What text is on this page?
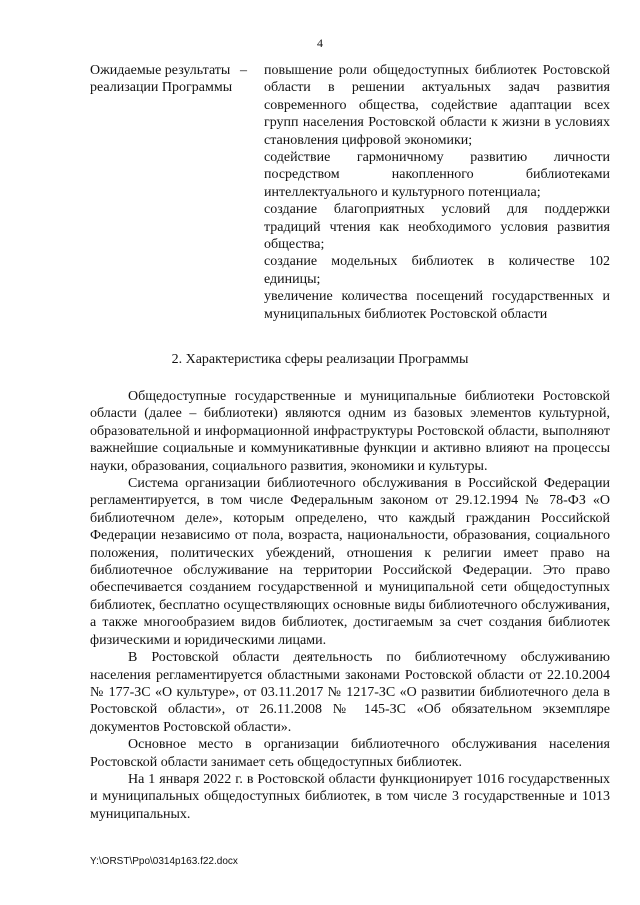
4
Ожидаемые результаты реализации Программы
–	повышение роли общедоступных библиотек Ростовской области в решении актуальных задач развития современного общества, содействие адаптации всех групп населения Ростовской области к жизни в условиях становления цифровой экономики;

содействие гармоничному развитию личности посредством накопленного библиотеками интеллектуального и культурного потенциала;

создание благоприятных условий для поддержки традиций чтения как необходимого условия развития общества;

создание модельных библиотек в количестве 102 единицы;

увеличение количества посещений государственных и муниципальных библиотек Ростовской области

2. Характеристика сферы реализации Программы

Общедоступные государственные и муниципальные библиотеки Ростовской области (далее – библиотеки) являются одним из базовых элементов культурной, образовательной и информационной инфраструктуры Ростовской области, выполняют важнейшие социальные и коммуникативные функции и активно влияют на процессы науки, образования, социального развития, экономики и культуры.

Система организации библиотечного обслуживания в Российской Федерации регламентируется, в том числе Федеральным законом от 29.12.1994 № 78-ФЗ «О библиотечном деле», которым определено, что каждый гражданин Российской Федерации независимо от пола, возраста, национальности, образования, социального положения, политических убеждений, отношения к религии имеет право на библиотечное обслуживание на территории Российской Федерации. Это право обеспечивается созданием государственной и муниципальной сети общедоступных библиотек, бесплатно осуществляющих основные виды библиотечного обслуживания, а также многообразием видов библиотек, достигаемым за счет создания библиотек физическими и юридическими лицами.

В Ростовской области деятельность по библиотечному обслуживанию населения регламентируется областными законами Ростовской области от 22.10.2004 № 177-ЗС «О культуре», от 03.11.2017 № 1217-ЗС «О развитии библиотечного дела в Ростовской области», от 26.11.2008 № 145-ЗС «Об обязательном экземпляре документов Ростовской области».

Основное место в организации библиотечного обслуживания населения Ростовской области занимает сеть общедоступных библиотек.

На 1 января 2022 г. в Ростовской области функционирует 1016 государственных и муниципальных общедоступных библиотек, в том числе 3 государственные и 1013 муниципальных.

Y:\ORST\Ppo\0314p163.f22.docx
